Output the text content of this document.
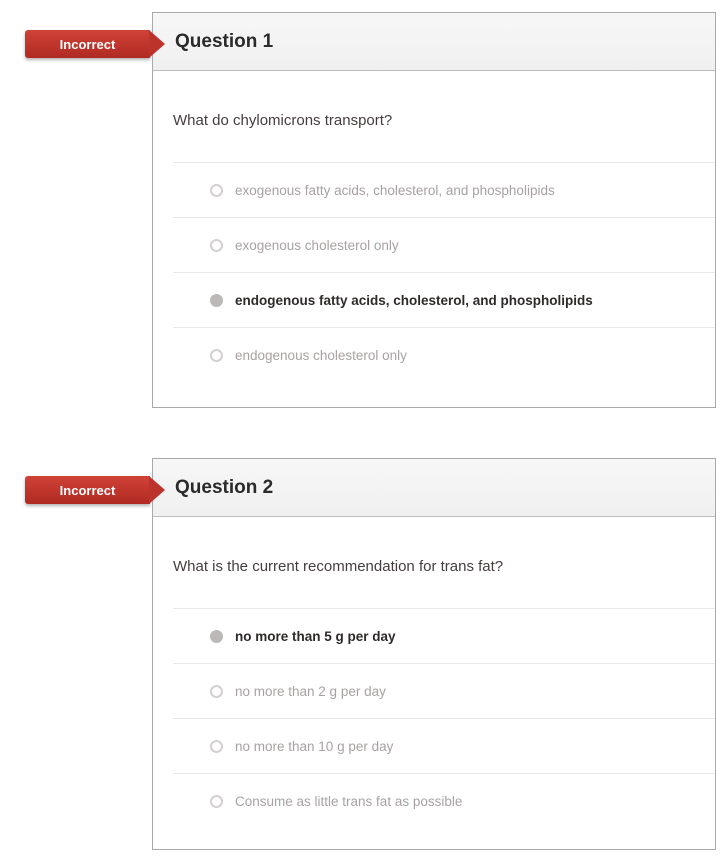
Incorrect	Question 1

What do chylomicrons transport?

exogenous fatty acids, cholesterol, and phospholipids
exogenous cholesterol only
endogenous fatty acids, cholesterol, and phospholipids
endogenous cholesterol only
Incorrect	Question 2

What is the current recommendation for trans fat?

no more than 5 g per day
no more than 2 g per day
no more than 10 g per day
Consume as little trans fat as possible
